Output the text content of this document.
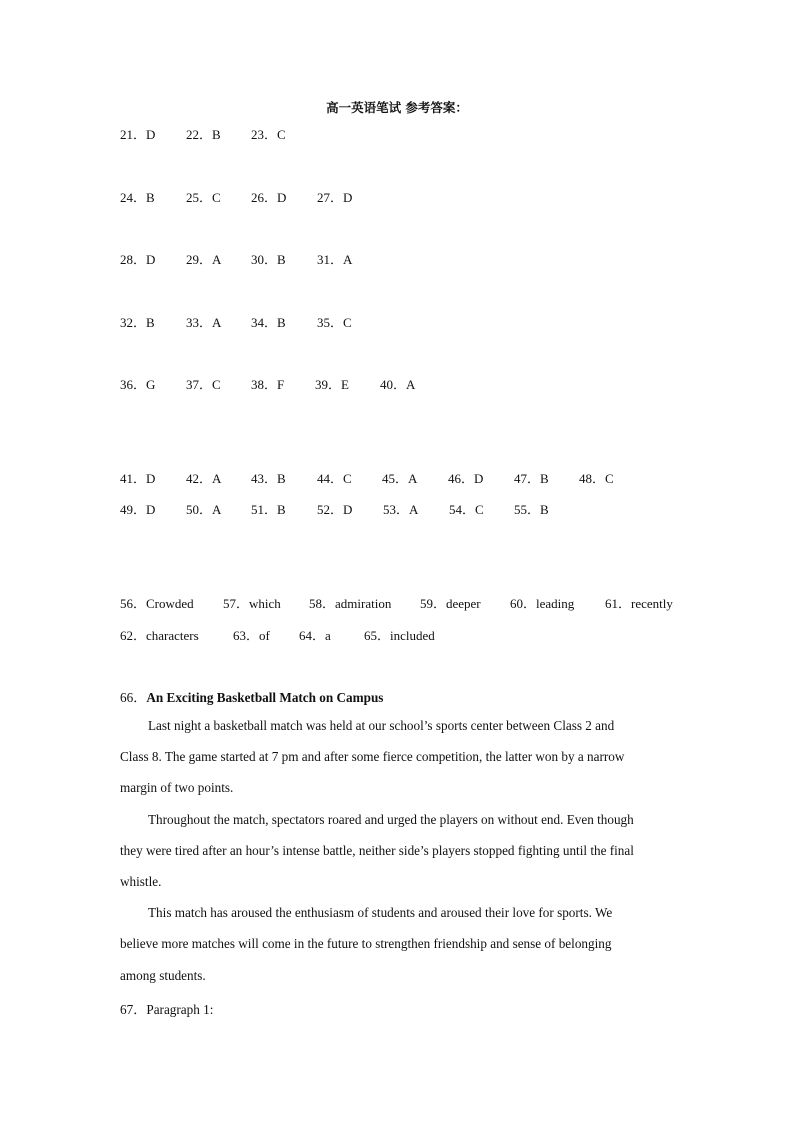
高一英语笔试 参考答案：
21．D 22．B 23．C
24．B 25．C 26．D 27．D
28．D 29．A 30．B 31．A
32．B 33．A 34．B 35．C
36．G 37．C 38．F 39．E 40．A
41．D 42．A 43．B 44．C 45．A 46．D 47．B 48．C
49．D 50．A 51．B 52．D 53．A 54．C 55．B
56．Crowded 57．which 58．admiration 59．deeper 60．leading 61．recently
62．characters	63．of 64．a	65．included
66．An Exciting Basketball Match on Campus
Last night a basketball match was held at our school’s sports center between Class 2 and
Class 8. The game started at 7 pm and after some fierce competition, the latter won by a narrow
margin of two points.
Throughout the match, spectators roared and urged the players on without end. Even though
they were tired after an hour’s intense battle, neither side’s players stopped fighting until the final
whistle.
This match has aroused the enthusiasm of students and aroused their love for sports. We
believe more matches will come in the future to strengthen friendship and sense of belonging
among students.
67．Paragraph 1:
